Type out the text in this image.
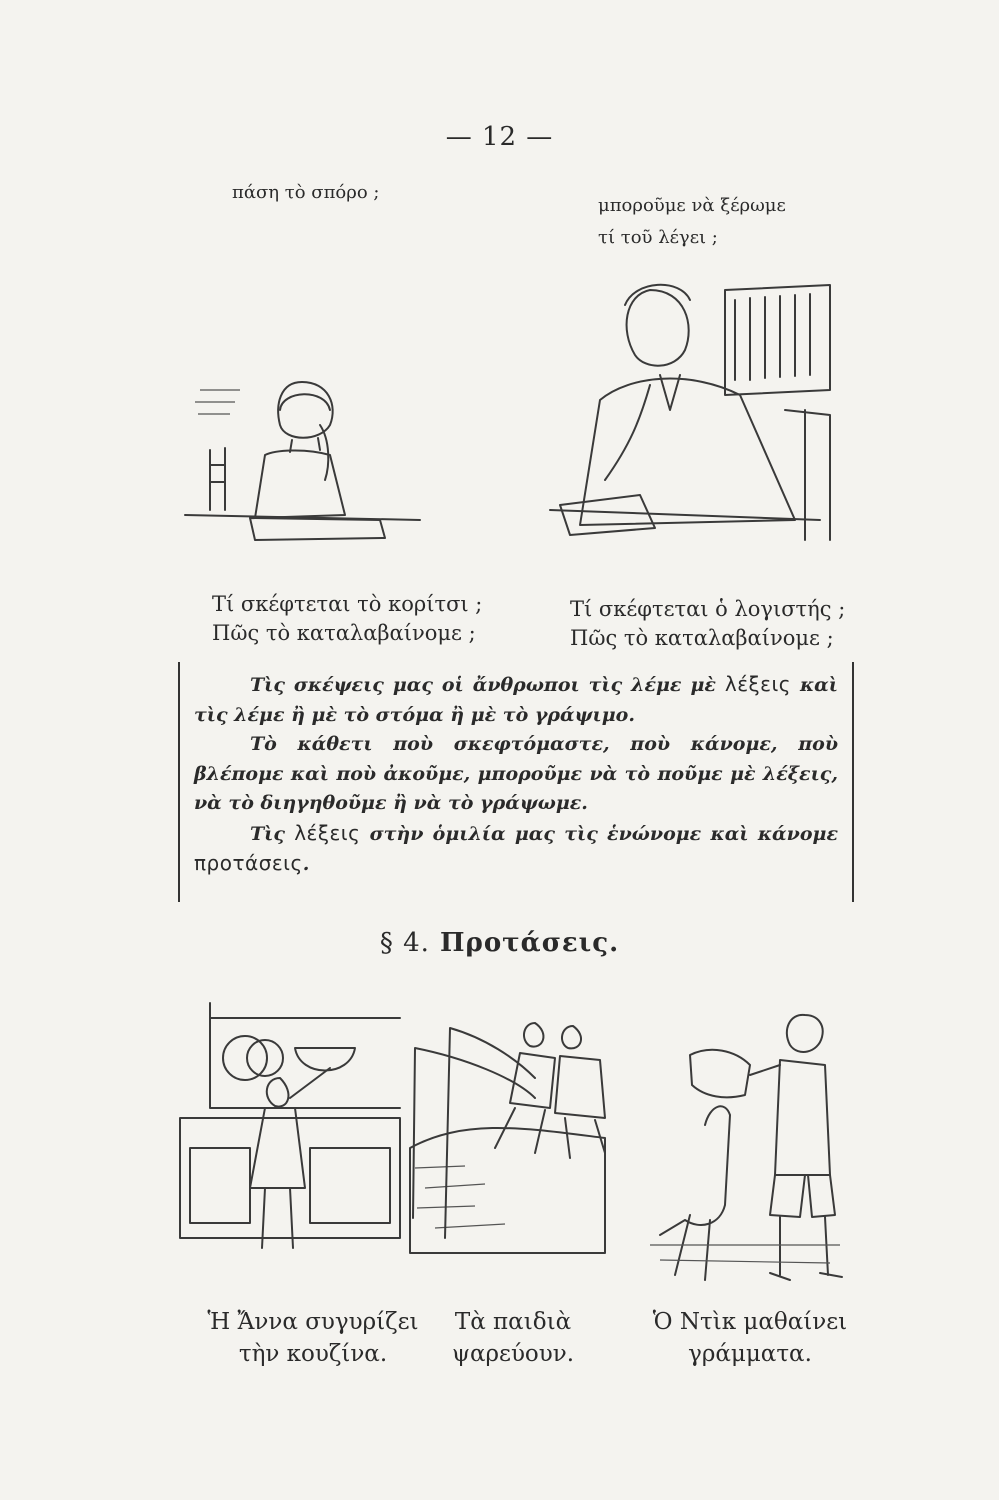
— 12 —
πάση τὸ σπόρο ;
μποροῦμε νὰ ξέρωμε
τί τοῦ λέγει ;
Τί σκέφτεται τὸ κορίτσι ;
Πῶς τὸ καταλαβαίνομε ;
Τί σκέφτεται ὁ λογιστής ;
Πῶς τὸ καταλαβαίνομε ;

Τὶς σκέψεις μας οἱ ἄνθρωποι τὶς λέμε μὲ λέξεις καὶ τὶς λέμε ἢ μὲ τὸ στόμα ἢ μὲ τὸ γράψιμο.

Τὸ κάθετι ποὺ σκεφτόμαστε, ποὺ κάνομε, ποὺ βλέπομε καὶ ποὺ ἀκοῦμε, μποροῦμε νὰ τὸ ποῦμε μὲ λέξεις, νὰ τὸ διηγηθοῦμε ἢ νὰ τὸ γράψωμε.

Τὶς λέξεις στὴν ὁμιλία μας τὶς ἑνώνομε καὶ κάνομε προτάσεις.

§ 4. Προτάσεις.
Ἡ Ἄννα συγυρίζει
τὴν κουζίνα.
Τὰ παιδιὰ
ψαρεύουν.
Ὁ Ντὶκ μαθαίνει
γράμματα.
